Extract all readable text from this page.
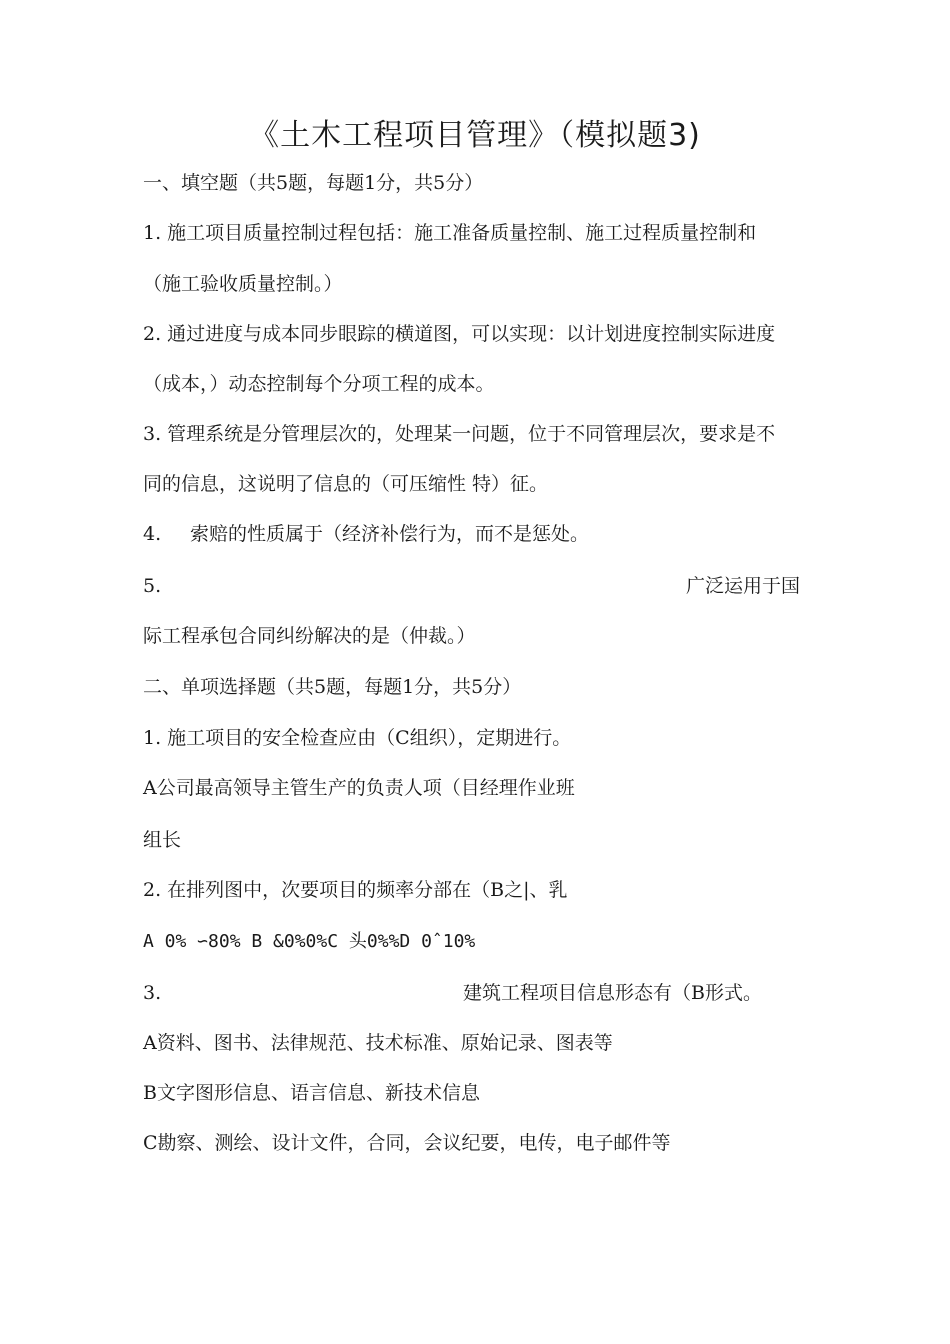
《土木工程项目管理》（模拟题3)
一、填空题（共5题，每题1分，共5分）
1. 施工项目质量控制过程包括：施工准备质量控制、施工过程质量控制和
（施工验收质量控制。）
2. 通过进度与成本同步眼踪的横道图，可以实现：以计划进度控制实际进度
（成本，）动态控制每个分项工程的成本。
3. 管理系统是分管理层次的，处理某一问题，位于不同管理层次，要求是不
同的信息，这说明了信息的（可压缩性 特）征。
4. 索赔的性质属于（经济补偿行为，而不是惩处。
5.	广泛运用于国
际工程承包合同纠纷解决的是（仲裁。）
二、单项选择题（共5题，每题1分，共5分）
1. 施工项目的安全检查应由（C组织），定期进行。
A公司最高领导主管生产的负责人项（目经理作业班
组长
2. 在排列图中，次要项目的频率分部在（B之|、乳
A 0% ∽80% B &0%0%C 头0%%D 0ˆ10%
3.	建筑工程项目信息形态有（B形式。
A资料、图书、法律规范、技术标准、原始记录、图表等
B文字图形信息、语言信息、新技术信息
C勘察、测绘、设计文件，合同，会议纪要，电传，电子邮件等
